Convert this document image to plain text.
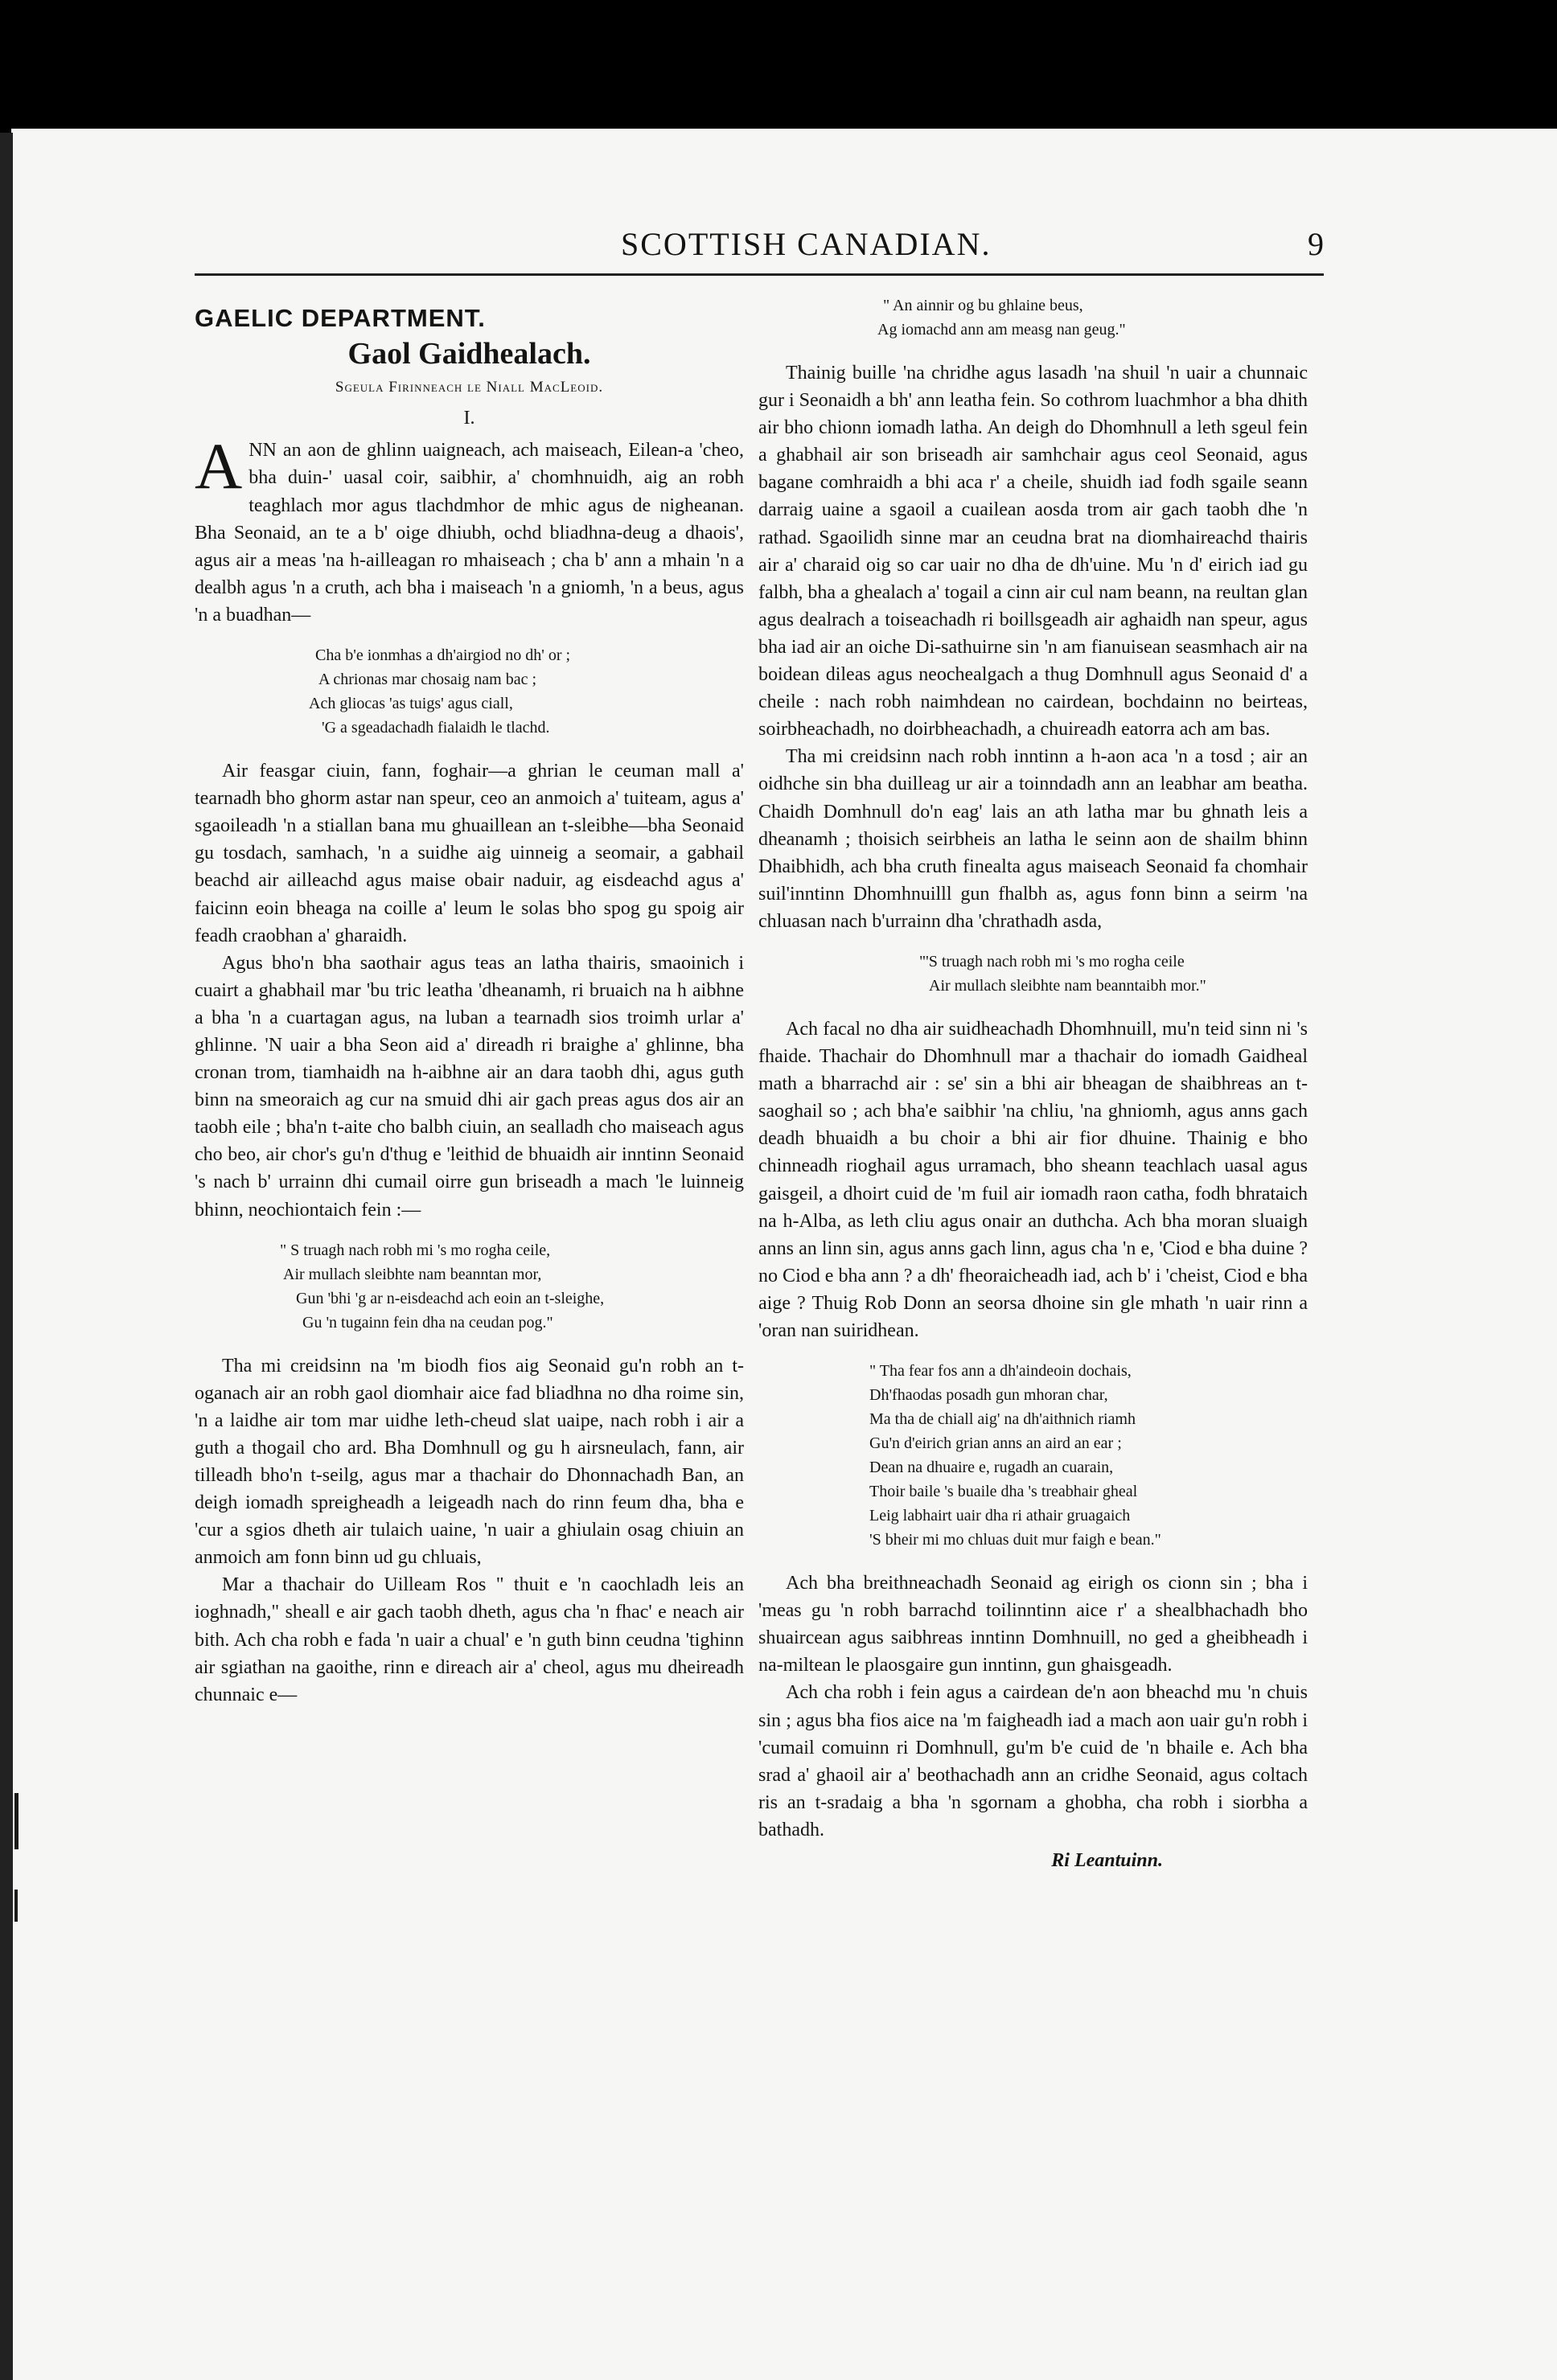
SCOTTISH CANADIAN.	9
GAELIC DEPARTMENT.
Gaol Gaidhealach.
Sgeula Firinneach le Niall MacLeoid.
I.

ANN an aon de ghlinn uaigneach, ach maiseach, Eilean-a 'cheo, bha duin-' uasal coir, saibhir, a' chomhnuidh, aig an robh teaghlach mor agus tlachdmhor de mhic agus de nigheanan. Bha Seonaid, an te a b' oige dhiubh, ochd bliadhna-deug a dhaois', agus air a meas 'na h-ailleagan ro mhaiseach ; cha b' ann a mhain 'n a dealbh agus 'n a cruth, ach bha i maiseach 'n a gniomh, 'n a beus, agus 'n a buadhan—

Cha b'e ionmhas a dh'airgiod no dh' or ;
A chrionas mar chosaig nam bac ;
Ach gliocas 'as tuigs' agus ciall,
'G a sgeadachadh fialaidh le tlachd.

Air feasgar ciuin, fann, foghair—a ghrian le ceuman mall a' tearnadh bho ghorm astar nan speur, ceo an anmoich a' tuiteam, agus a' sgaoileadh 'n a stiallan bana mu ghuaillean an t-sleibhe—bha Seonaid gu tosdach, samhach, 'n a suidhe aig uinneig a seomair, a gabhail beachd air ailleachd agus maise obair naduir, ag eisdeachd agus a' faicinn eoin bheaga na coille a' leum le solas bho spog gu spoig air feadh craobhan a' gharaidh.

Agus bho'n bha saothair agus teas an latha thairis, smaoinich i cuairt a ghabhail mar 'bu tric leatha 'dheanamh, ri bruaich na h aibhne a bha 'n a cuartagan agus, na luban a tearnadh sios troimh urlar a' ghlinne. 'N uair a bha Seon aid a' direadh ri braighe a' ghlinne, bha cronan trom, tiamhaidh na h-aibhne air an dara taobh dhi, agus guth binn na smeoraich ag cur na smuid dhi air gach preas agus dos air an taobh eile ; bha'n t-aite cho balbh ciuin, an sealladh cho maiseach agus cho beo, air chor's gu'n d'thug e 'leithid de bhuaidh air inntinn Seonaid 's nach b' urrainn dhi cumail oirre gun briseadh a mach 'le luinneig bhinn, neochiontaich fein :—

" S truagh nach robh mi 's mo rogha ceile,
Air mullach sleibhte nam beanntan mor,
Gun 'bhi 'g ar n-eisdeachd ach eoin an t-sleighe,
Gu 'n tugainn fein dha na ceudan pog."

Tha mi creidsinn na 'm biodh fios aig Seonaid gu'n robh an t-oganach air an robh gaol diomhair aice fad bliadhna no dha roime sin, 'n a laidhe air tom mar uidhe leth-cheud slat uaipe, nach robh i air a guth a thogail cho ard. Bha Domhnull og gu h airsneulach, fann, air tilleadh bho'n t-seilg, agus mar a thachair do Dhonnachadh Ban, an deigh iomadh spreigheadh a leigeadh nach do rinn feum dha, bha e 'cur a sgios dheth air tulaich uaine, 'n uair a ghiulain osag chiuin an anmoich am fonn binn ud gu chluais,

Mar a thachair do Uilleam Ros " thuit e 'n caochladh leis an ioghnadh," sheall e air gach taobh dheth, agus cha 'n fhac' e neach air bith. Ach cha robh e fada 'n uair a chual' e 'n guth binn ceudna 'tighinn air sgiathan na gaoithe, rinn e direach air a' cheol, agus mu dheireadh chunnaic e—

" An ainnir og bu ghlaine beus,
Ag iomachd ann am measg nan geug."

Thainig buille 'na chridhe agus lasadh 'na shuil 'n uair a chunnaic gur i Seonaidh a bh' ann leatha fein. So cothrom luachmhor a bha dhith air bho chionn iomadh latha. An deigh do Dhomhnull a leth sgeul fein a ghabhail air son briseadh air samhchair agus ceol Seonaid, agus bagane comhraidh a bhi aca r' a cheile, shuidh iad fodh sgaile seann darraig uaine a sgaoil a cuailean aosda trom air gach taobh dhe 'n rathad. Sgaoilidh sinne mar an ceudna brat na diomhaireachd thairis air a' charaid oig so car uair no dha de dh'uine. Mu 'n d' eirich iad gu falbh, bha a ghealach a' togail a cinn air cul nam beann, na reultan glan agus dealrach a toiseachadh ri boillsgeadh air aghaidh nan speur, agus bha iad air an oiche Di-sathuirne sin 'n am fianuisean seasmhach air na boidean dileas agus neochealgach a thug Domhnull agus Seonaid d' a cheile : nach robh naimhdean no cairdean, bochdainn no beirteas, soirbheachadh, no doirbheachadh, a chuireadh eatorra ach am bas.

Tha mi creidsinn nach robh inntinn a h-aon aca 'n a tosd ; air an oidhche sin bha duilleag ur air a toinndadh ann an leabhar am beatha. Chaidh Domhnull do'n eag' lais an ath latha mar bu ghnath leis a dheanamh ; thoisich seirbheis an latha le seinn aon de shailm bhinn Dhaibhidh, ach bha cruth finealta agus maiseach Seonaid fa chomhair suil'inntinn Dhomhnuilll gun fhalbh as, agus fonn binn a seirm 'na chluasan nach b'urrainn dha 'chrathadh asda,

"'S truagh nach robh mi 's mo rogha ceile
Air mullach sleibhte nam beanntaibh mor."

Ach facal no dha air suidheachadh Dhomhnuill, mu'n teid sinn ni 's fhaide. Thachair do Dhomhnull mar a thachair do iomadh Gaidheal math a bharrachd air : se' sin a bhi air bheagan de shaibhreas an t-saoghail so ; ach bha'e saibhir 'na chliu, 'na ghniomh, agus anns gach deadh bhuaidh a bu choir a bhi air fior dhuine. Thainig e bho chinneadh rioghail agus urramach, bho sheann teachlach uasal agus gaisgeil, a dhoirt cuid de 'm fuil air iomadh raon catha, fodh bhrataich na h-Alba, as leth cliu agus onair an duthcha. Ach bha moran sluaigh anns an linn sin, agus anns gach linn, agus cha 'n e, 'Ciod e bha duine ? no Ciod e bha ann ? a dh' fheoraicheadh iad, ach b' i 'cheist, Ciod e bha aige ? Thuig Rob Donn an seorsa dhoine sin gle mhath 'n uair rinn a 'oran nan suiridhean.

" Tha fear fos ann a dh'aindeoin dochais,
Dh'fhaodas posadh gun mhoran char,
Ma tha de chiall aig' na dh'aithnich riamh
Gu'n d'eirich grian anns an aird an ear ;
Dean na dhuaire e, rugadh an cuarain,
Thoir baile 's buaile dha 's treabhair gheal
Leig labhairt uair dha ri athair gruagaich
'S bheir mi mo chluas duit mur faigh e bean."

Ach bha breithneachadh Seonaid ag eirigh os cionn sin ; bha i 'meas gu 'n robh barrachd toilinntinn aice r' a shealbhachadh bho shuaircean agus saibhreas inntinn Domhnuill, no ged a gheibheadh i na-miltean le plaosgaire gun inntinn, gun ghaisgeadh.

Ach cha robh i fein agus a cairdean de'n aon bheachd mu 'n chuis sin ; agus bha fios aice na 'm faigheadh iad a mach aon uair gu'n robh i 'cumail comuinn ri Domhnull, gu'm b'e cuid de 'n bhaile e. Ach bha srad a' ghaoil air a' beothachadh ann an cridhe Seonaid, agus coltach ris an t-sradaig a bha 'n sgornam a ghobha, cha robh i siorbha a bathadh.

Ri Leantuinn.
